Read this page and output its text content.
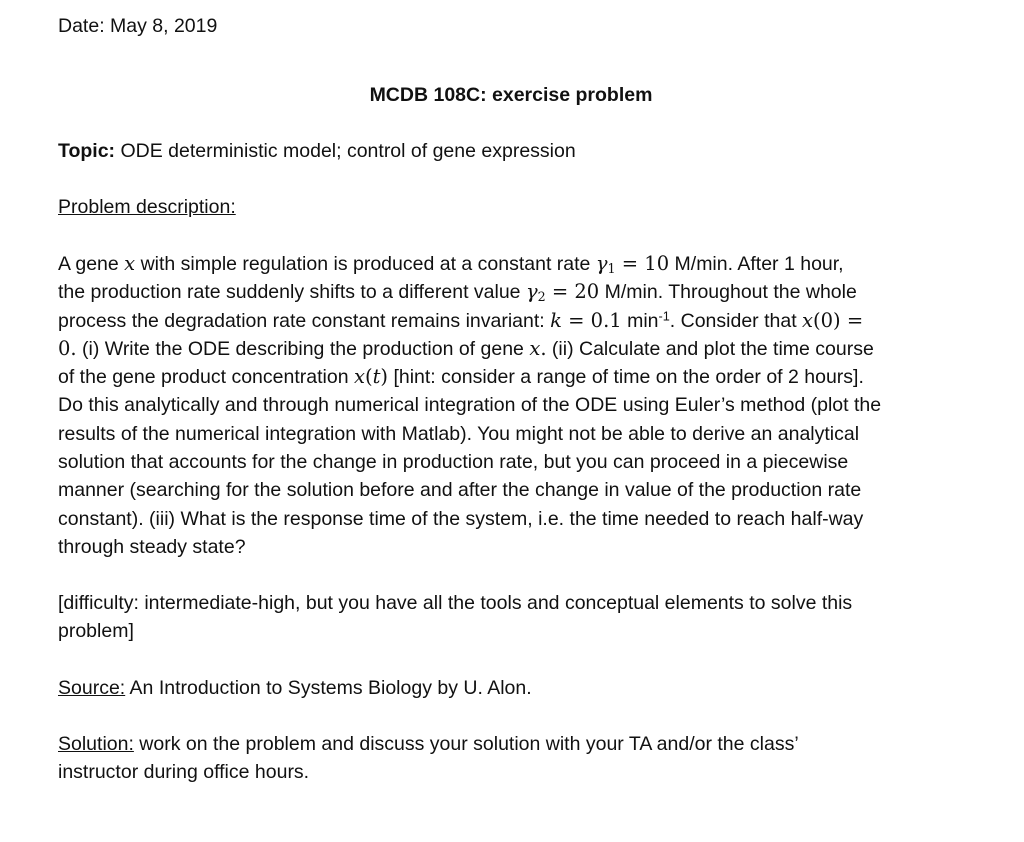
Date: May 8, 2019
MCDB 108C: exercise problem
Topic: ODE deterministic model; control of gene expression
Problem description:
A gene x with simple regulation is produced at a constant rate $\gamma_1 = 10$ M/min. After 1 hour,
the production rate suddenly shifts to a different value $\gamma_2 = 20$ M/min. Throughout the whole
process the degradation rate constant remains invariant: k = 0.1 $\min^{-1}$. Consider that x(0) =
0. (i) Write the ODE describing the production of gene x. (ii) Calculate and plot the time course
of the gene product concentration x(t) [hint: consider a range of time on the order of 2 hours].
Do this analytically and through numerical integration of the ODE using Euler’s method (plot the
results of the numerical integration with Matlab). You might not be able to derive an analytical
solution that accounts for the change in production rate, but you can proceed in a piecewise
manner (searching for the solution before and after the change in value of the production rate
constant). (iii) What is the response time of the system, i.e. the time needed to reach half-way
through steady state?
[difficulty: intermediate-high, but you have all the tools and conceptual elements to solve this
problem]
Source: An Introduction to Systems Biology by U. Alon.
Solution: work on the problem and discuss your solution with your TA and/or the class’
instructor during office hours.
